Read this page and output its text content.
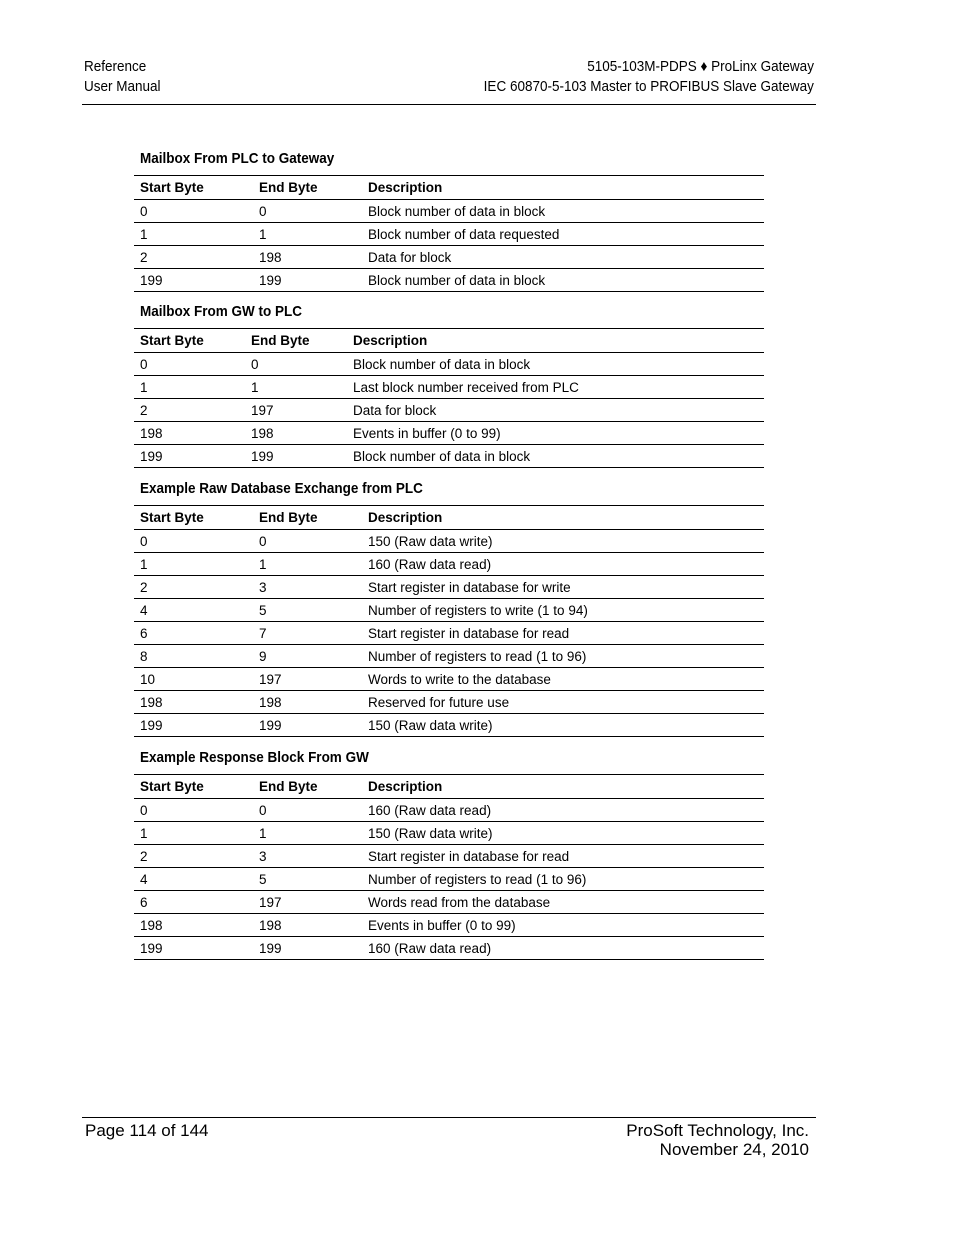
Reference
User Manual
5105-103M-PDPS ♦ ProLinx Gateway
IEC 60870-5-103 Master to PROFIBUS Slave Gateway
Mailbox From PLC to Gateway
Start Byte	End Byte	Description
0	0	Block number of data in block
1	1	Block number of data requested
2	198	Data for block
199	199	Block number of data in block
Mailbox From GW to PLC
Start Byte	End Byte	Description
0	0	Block number of data in block
1	1	Last block number received from PLC
2	197	Data for block
198	198	Events in buffer (0 to 99)
199	199	Block number of data in block
Example Raw Database Exchange from PLC
Start Byte	End Byte	Description
0	0	150 (Raw data write)
1	1	160 (Raw data read)
2	3	Start register in database for write
4	5	Number of registers to write (1 to 94)
6	7	Start register in database for read
8	9	Number of registers to read (1 to 96)
10	197	Words to write to the database
198	198	Reserved for future use
199	199	150 (Raw data write)
Example Response Block From GW
Start Byte	End Byte	Description
0	0	160 (Raw data read)
1	1	150 (Raw data write)
2	3	Start register in database for read
4	5	Number of registers to read (1 to 96)
6	197	Words read from the database
198	198	Events in buffer (0 to 99)
199	199	160 (Raw data read)
Page 114 of 144	ProSoft Technology, Inc.
November 24, 2010
